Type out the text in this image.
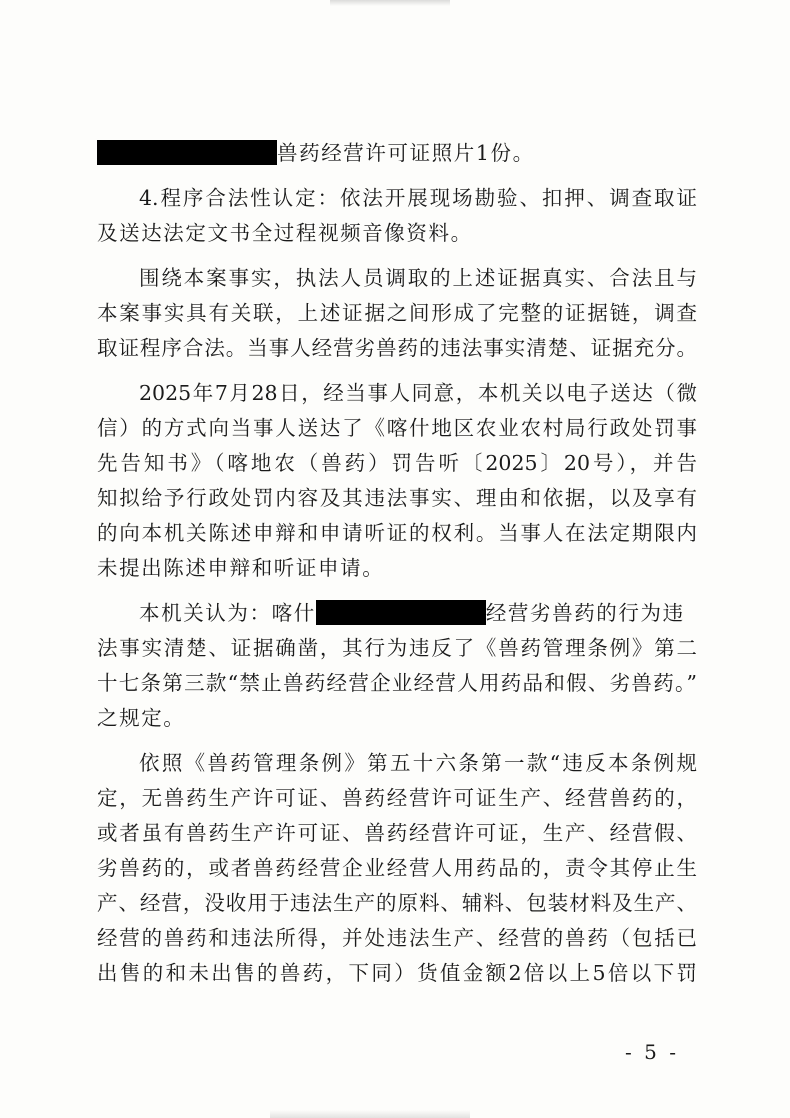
兽药经营许可证照片1份。
4.程序合法性认定：依法开展现场勘验、扣押、调查取证
及送达法定文书全过程视频音像资料。
围绕本案事实，执法人员调取的上述证据真实、合法且与
本案事实具有关联，上述证据之间形成了完整的证据链，调查
取证程序合法。当事人经营劣兽药的违法事实清楚、证据充分。
2025年7月28日，经当事人同意，本机关以电子送达（微
信）的方式向当事人送达了《喀什地区农业农村局行政处罚事
先告知书》（喀地农（兽药）罚告听〔2025〕20号），并告
知拟给予行政处罚内容及其违法事实、理由和依据，以及享有
的向本机关陈述申辩和申请听证的权利。当事人在法定期限内
未提出陈述申辩和听证申请。
本机关认为：喀什	经营劣兽药的行为违
法事实清楚、证据确凿，其行为违反了《兽药管理条例》第二
十七条第三款“禁止兽药经营企业经营人用药品和假、劣兽药。”
之规定。
依照《兽药管理条例》第五十六条第一款“违反本条例规
定，无兽药生产许可证、兽药经营许可证生产、经营兽药的，
或者虽有兽药生产许可证、兽药经营许可证，生产、经营假、
劣兽药的，或者兽药经营企业经营人用药品的，责令其停止生
产、经营，没收用于违法生产的原料、辅料、包装材料及生产、
经营的兽药和违法所得，并处违法生产、经营的兽药（包括已
出售的和未出售的兽药，下同）货值金额2倍以上5倍以下罚
- 5 -
